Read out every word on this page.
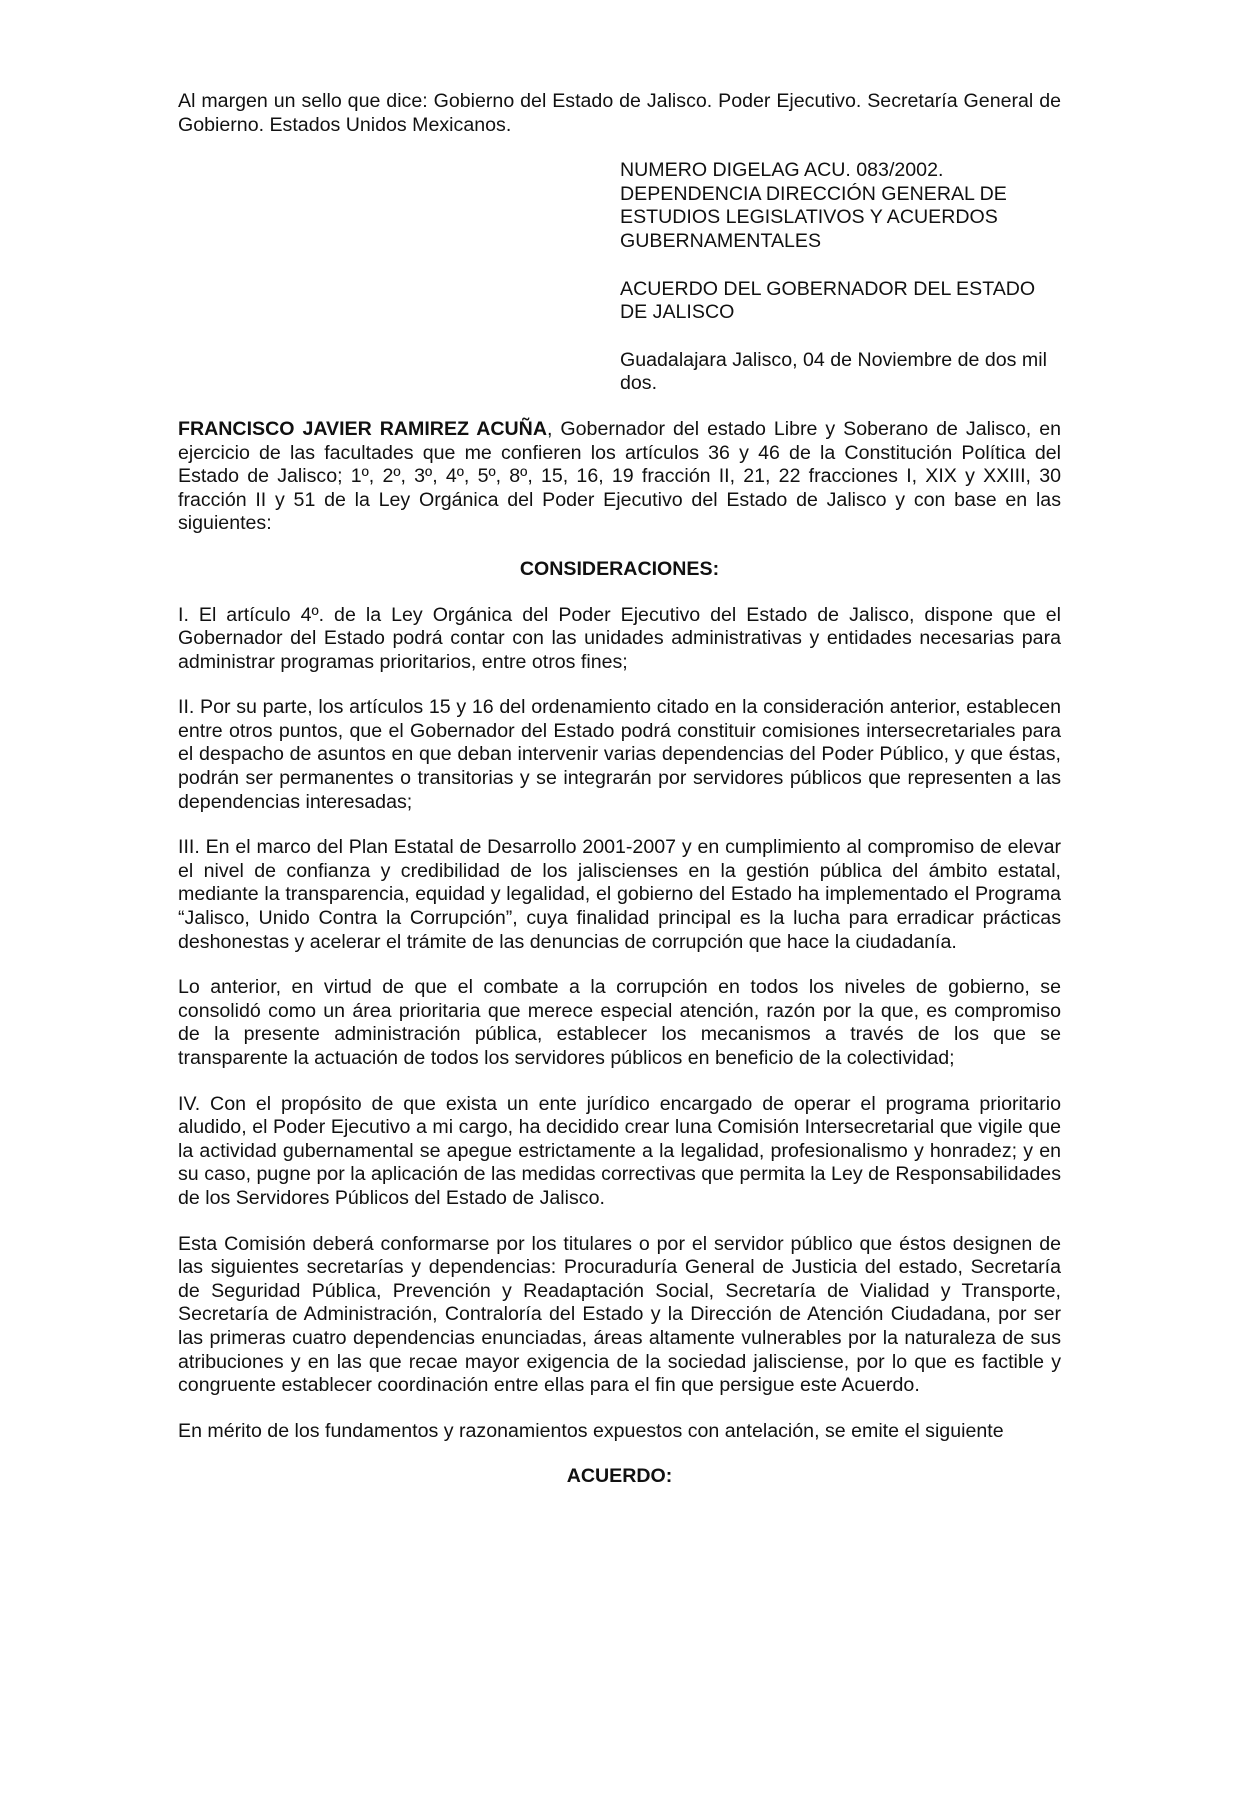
Al margen un sello que dice: Gobierno del Estado de Jalisco. Poder Ejecutivo. Secretaría General de Gobierno. Estados Unidos Mexicanos.

NUMERO DIGELAG ACU. 083/2002.

DEPENDENCIA DIRECCIÓN GENERAL DE ESTUDIOS LEGISLATIVOS Y ACUERDOS GUBERNAMENTALES

ACUERDO DEL GOBERNADOR DEL ESTADO DE JALISCO

Guadalajara Jalisco, 04 de Noviembre de dos mil dos.

FRANCISCO JAVIER RAMIREZ ACUÑA, Gobernador del estado Libre y Soberano de Jalisco, en ejercicio de las facultades que me confieren los artículos 36 y 46 de la Constitución Política del Estado de Jalisco; 1º, 2º, 3º, 4º, 5º, 8º, 15, 16, 19 fracción II, 21, 22 fracciones I, XIX y XXIII, 30 fracción II y 51 de la Ley Orgánica del Poder Ejecutivo del Estado de Jalisco y con base en las siguientes:

CONSIDERACIONES:

I. El artículo 4º. de la Ley Orgánica del Poder Ejecutivo del Estado de Jalisco, dispone que el Gobernador del Estado podrá contar con las unidades administrativas y entidades necesarias para administrar programas prioritarios, entre otros fines;

II. Por su parte, los artículos 15 y 16 del ordenamiento citado en la consideración anterior, establecen entre otros puntos, que el Gobernador del Estado podrá constituir comisiones intersecretariales para el despacho de asuntos en que deban intervenir varias dependencias del Poder Público, y que éstas, podrán ser permanentes o transitorias y se integrarán por servidores públicos que representen a las dependencias interesadas;

III. En el marco del Plan Estatal de Desarrollo 2001-2007 y en cumplimiento al compromiso de elevar el nivel de confianza y credibilidad de los jaliscienses en la gestión pública del ámbito estatal, mediante la transparencia, equidad y legalidad, el gobierno del Estado ha implementado el Programa “Jalisco, Unido Contra la Corrupción”, cuya finalidad principal es la lucha para erradicar prácticas deshonestas y acelerar el trámite de las denuncias de corrupción que hace la ciudadanía.

Lo anterior, en virtud de que el combate a la corrupción en todos los niveles de gobierno, se consolidó como un área prioritaria que merece especial atención, razón por la que, es compromiso de la presente administración pública, establecer los mecanismos a través de los que se transparente la actuación de todos los servidores públicos en beneficio de la colectividad;

IV. Con el propósito de que exista un ente jurídico encargado de operar el programa prioritario aludido, el Poder Ejecutivo a mi cargo, ha decidido crear luna Comisión Intersecretarial que vigile que la actividad gubernamental se apegue estrictamente a la legalidad, profesionalismo y honradez; y en su caso, pugne por la aplicación de las medidas correctivas que permita la Ley de Responsabilidades de los Servidores Públicos del Estado de Jalisco.

Esta Comisión deberá conformarse por los titulares o por el servidor público que éstos designen de las siguientes secretarías y dependencias: Procuraduría General de Justicia del estado, Secretaría de Seguridad Pública, Prevención y Readaptación Social, Secretaría de Vialidad y Transporte, Secretaría de Administración, Contraloría del Estado y la Dirección de Atención Ciudadana, por ser las primeras cuatro dependencias enunciadas, áreas altamente vulnerables por la naturaleza de sus atribuciones y en las que recae mayor exigencia de la sociedad jalisciense, por lo que es factible y congruente establecer coordinación entre ellas para el fin que persigue este Acuerdo.

En mérito de los fundamentos y razonamientos expuestos con antelación, se emite el siguiente

ACUERDO:
